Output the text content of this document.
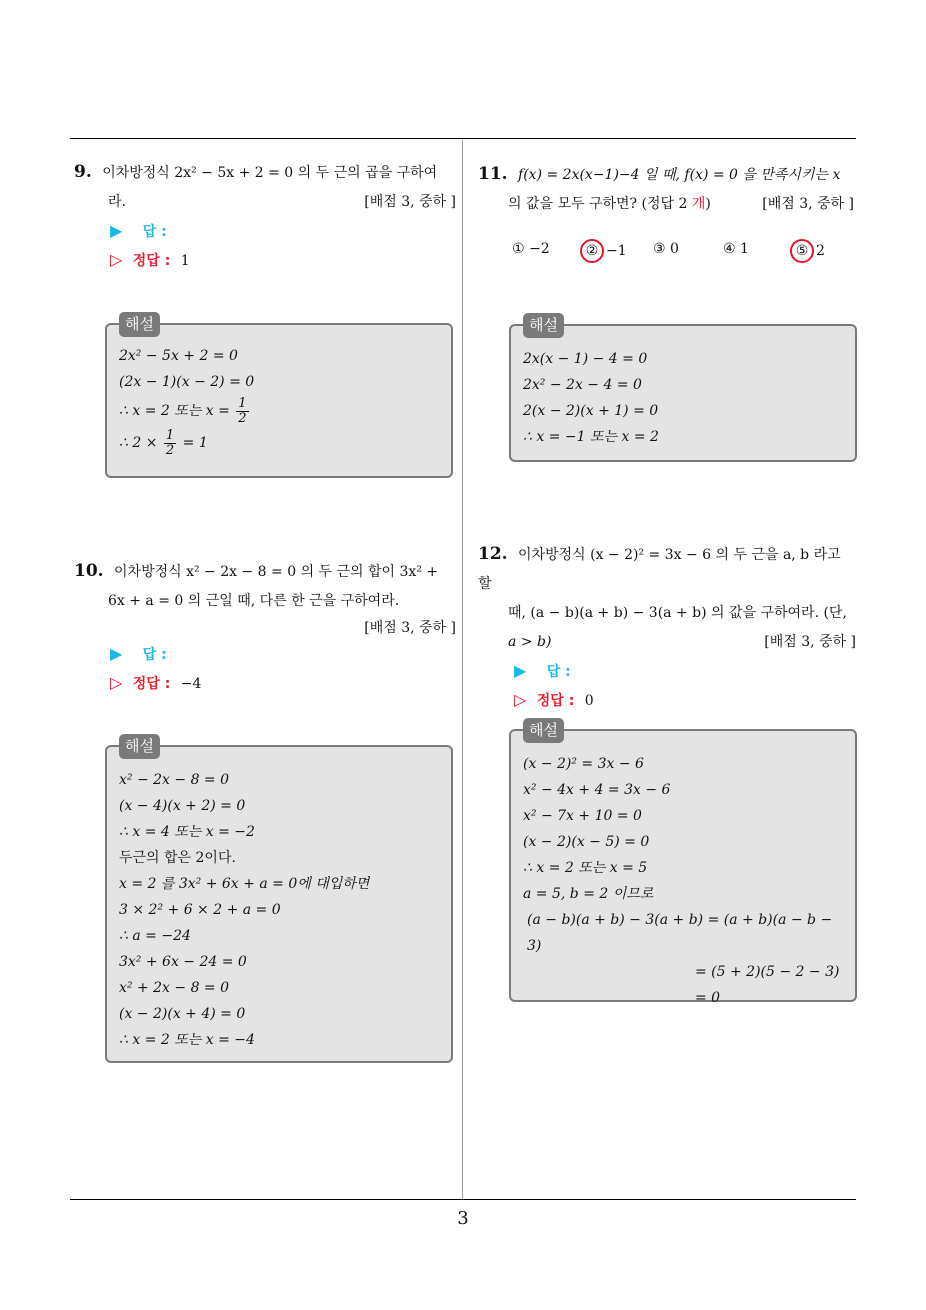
9. 이차방정식 2x² − 5x + 2 = 0 의 두 근의 곱을 구하여
라.	[배점 3, 중하 ]
▶ 답 :
▷ 정답 : 1
해설
2x² − 5x + 2 = 0
(2x − 1)(x − 2) = 0
∴ x = 2 또는 $x = \frac{1}{2}$
∴ $2 \times \frac{1}{2} = 1$
10. 이차방정식 x² − 2x − 8 = 0 의 두 근의 합이 3x² +
6x + a = 0 의 근일 때, 다른 한 근을 구하여라.
[배점 3, 중하 ]
▶ 답 :
▷ 정답 : −4
해설
x² − 2x − 8 = 0
(x − 4)(x + 2) = 0
∴ x = 4 또는 x = −2
두근의 합은 2이다.
x = 2 를 3x² + 6x + a = 0에 대입하면
3 × 2² + 6 × 2 + a = 0
∴ a = −24
3x² + 6x − 24 = 0
x² + 2x − 8 = 0
(x − 2)(x + 4) = 0
∴ x = 2 또는 x = −4
11. f(x) = 2x(x−1)−4 일 때, f(x) = 0 을 만족시키는 x
의 값을 모두 구하면? (정답 2 개)	[배점 3, 중하 ]
① −2	② −1 ③ 0	④ 1	⑤ 2
해설
2x(x − 1) − 4 = 0
2x² − 2x − 4 = 0
2(x − 2)(x + 1) = 0
∴ x = −1 또는 x = 2
12. 이차방정식 (x − 2)² = 3x − 6 의 두 근을 a, b 라고 할
때, (a − b)(a + b) − 3(a + b) 의 값을 구하여라. (단,
a > b)	[배점 3, 중하 ]
▶ 답 :
▷ 정답 : 0
해설
(x − 2)² = 3x − 6
x² − 4x + 4 = 3x − 6
x² − 7x + 10 = 0
(x − 2)(x − 5) = 0
∴ x = 2 또는 x = 5
a = 5, b = 2 이므로
(a − b)(a + b) − 3(a + b) = (a + b)(a − b − 3)
= (5 + 2)(5 − 2 − 3)
= 0
3
